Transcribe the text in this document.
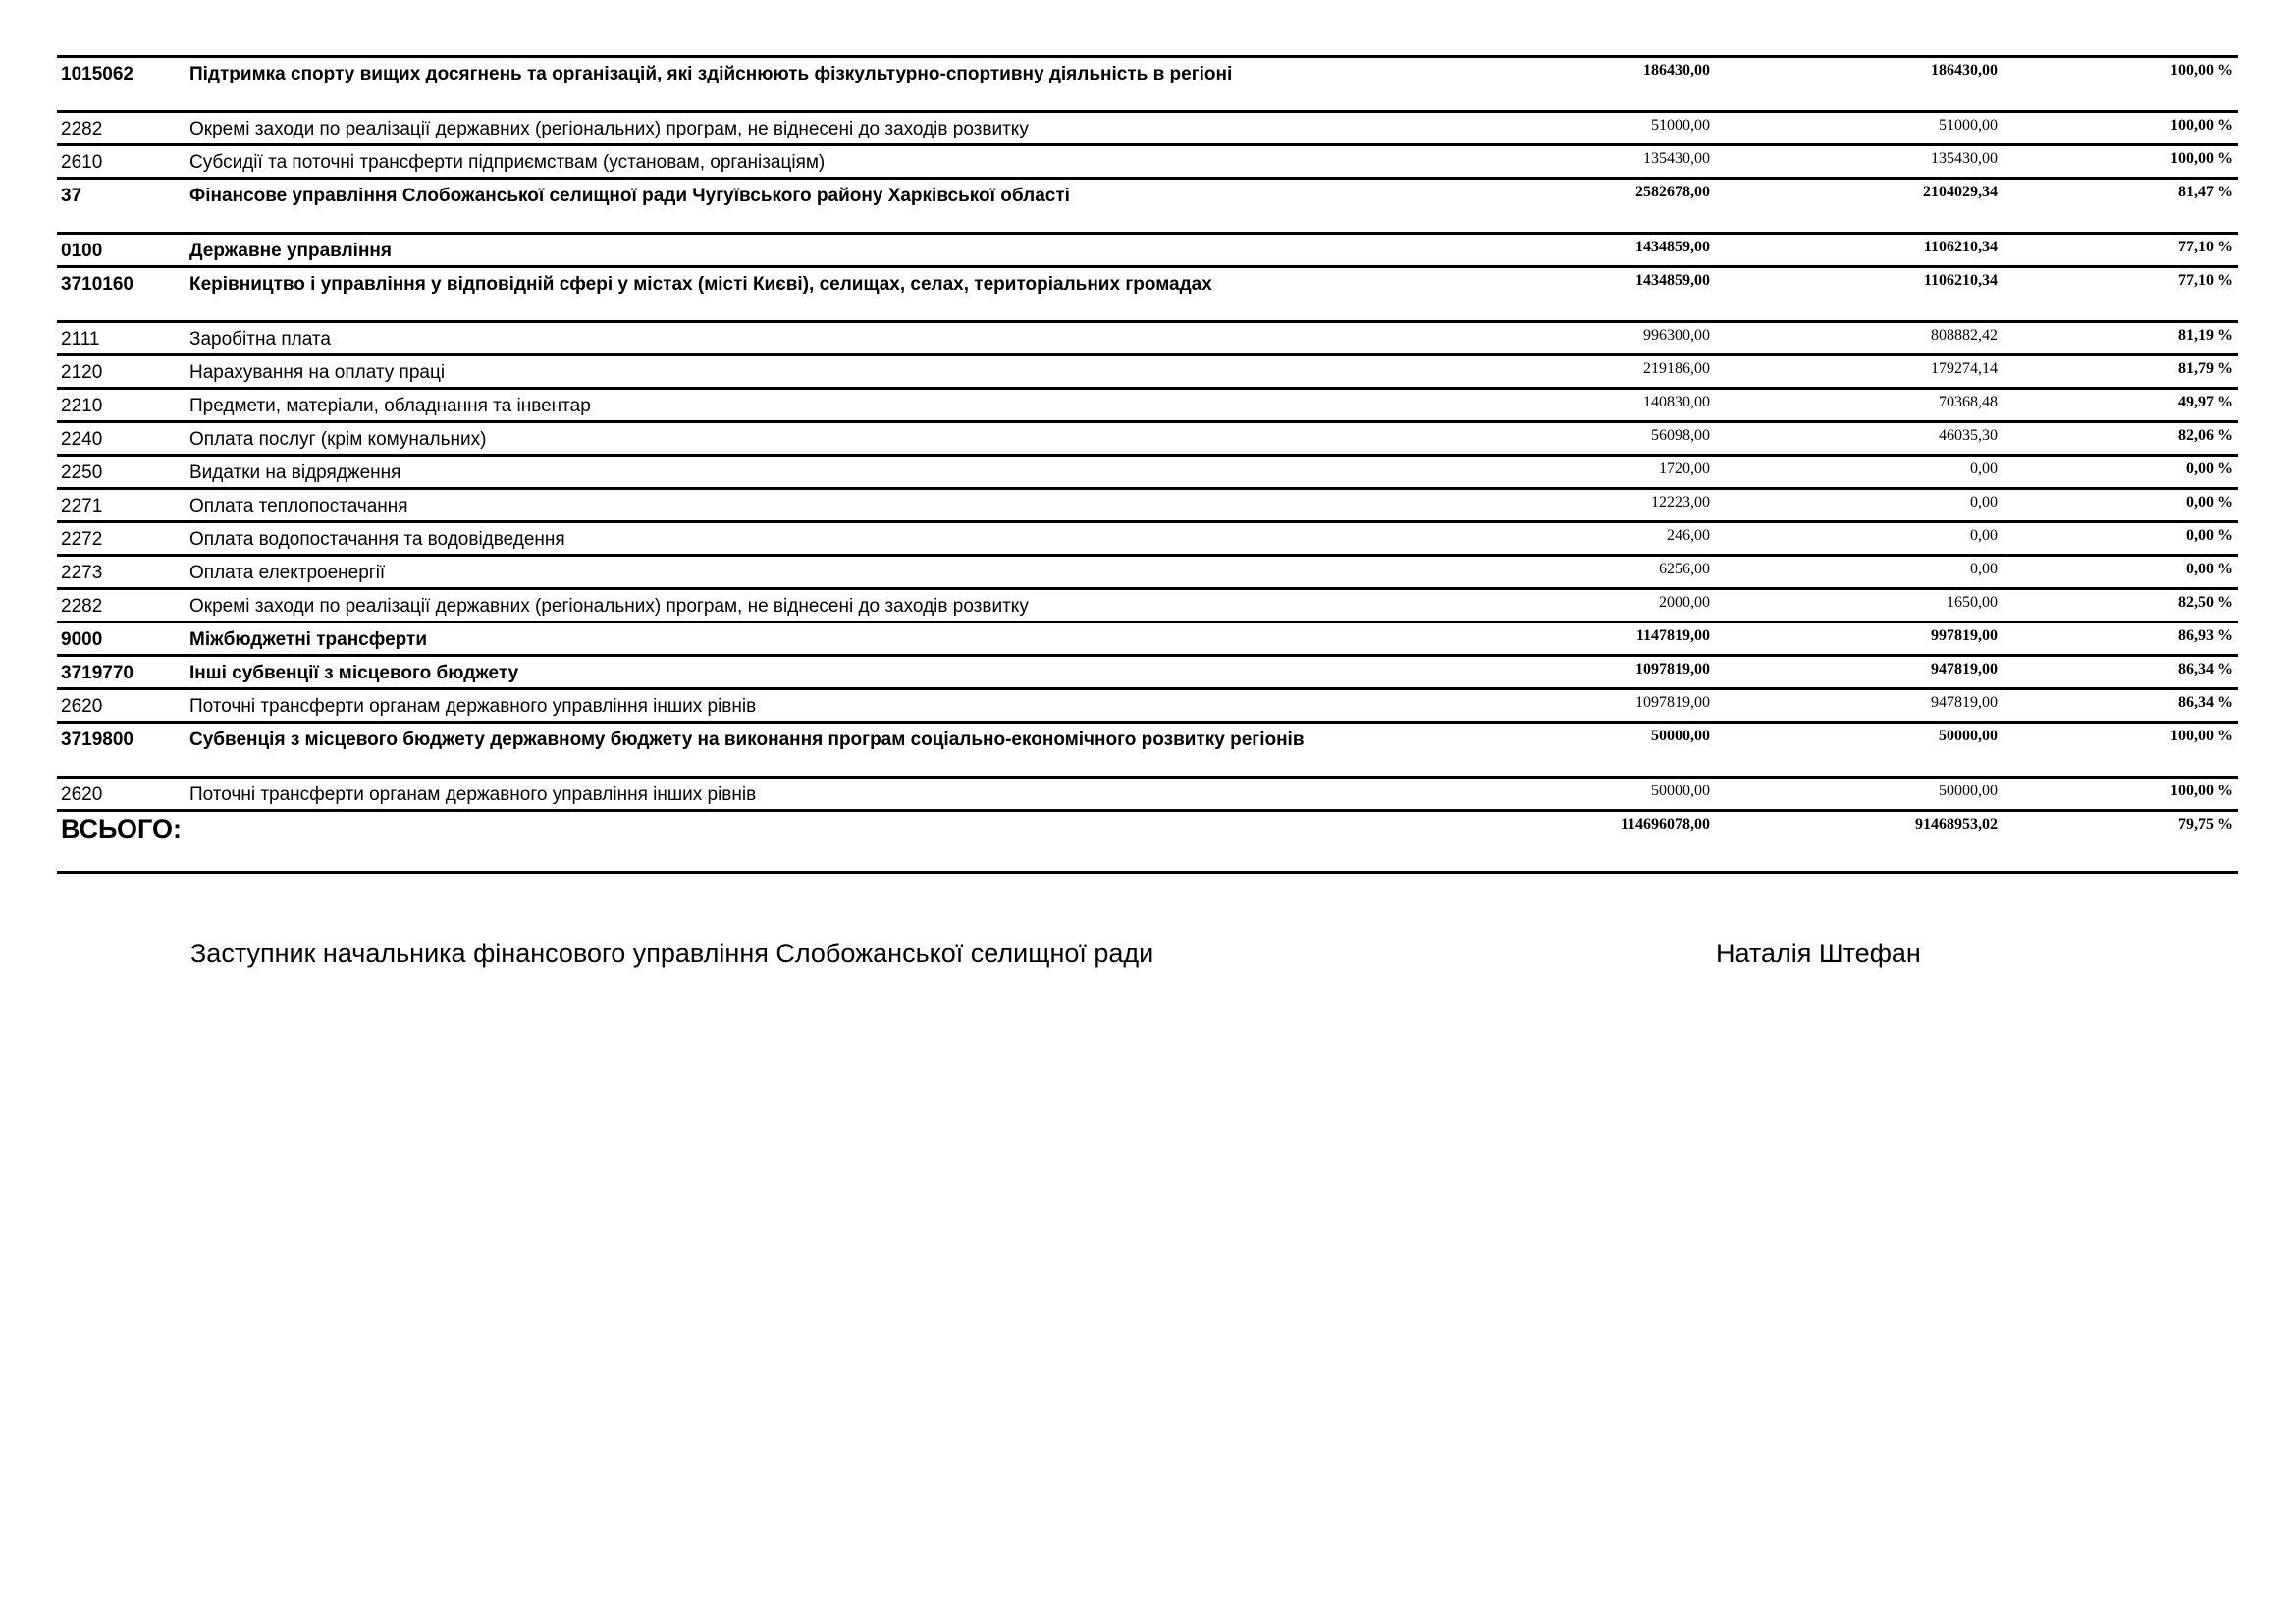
1015062	Підтримка спорту вищих досягнень та організацій, які здійснюють фізкультурно-спортивну діяльність в регіоні	186430,00	186430,00	100,00 %
2282	Окремі заходи по реалізації державних (регіональних) програм, не віднесені до заходів розвитку	51000,00	51000,00	100,00 %
2610	Субсидії та поточні трансферти підприємствам (установам, організаціям)	135430,00	135430,00	100,00 %
37	Фінансове управління Слобожанської селищної ради Чугуївського району Харківської області	2582678,00	2104029,34	81,47 %
0100	Державне управління	1434859,00	1106210,34	77,10 %
3710160	Керівництво і управління у відповідній сфері у містах (місті Києві), селищах, селах, територіальних громадах	1434859,00	1106210,34	77,10 %
2111	Заробітна плата	996300,00	808882,42	81,19 %
2120	Нарахування на оплату праці	219186,00	179274,14	81,79 %
2210	Предмети, матеріали, обладнання та інвентар	140830,00	70368,48	49,97 %
2240	Оплата послуг (крім комунальних)	56098,00	46035,30	82,06 %
2250	Видатки на відрядження	1720,00	0,00	0,00 %
2271	Оплата теплопостачання	12223,00	0,00	0,00 %
2272	Оплата водопостачання та водовідведення	246,00	0,00	0,00 %
2273	Оплата електроенергії	6256,00	0,00	0,00 %
2282	Окремі заходи по реалізації державних (регіональних) програм, не віднесені до заходів розвитку	2000,00	1650,00	82,50 %
9000	Міжбюджетні трансферти	1147819,00	997819,00	86,93 %
3719770	Інші субвенції з місцевого бюджету	1097819,00	947819,00	86,34 %
2620	Поточні трансферти органам державного управління інших рівнів	1097819,00	947819,00	86,34 %
3719800	Субвенція з місцевого бюджету державному бюджету на виконання програм соціально-економічного розвитку регіонів	50000,00	50000,00	100,00 %
2620	Поточні трансферти органам державного управління інших рівнів	50000,00	50000,00	100,00 %
ВСЬОГО:	114696078,00	91468953,02	79,75 %
Заступник начальника фінансового управління Слобожанської селищної ради	Наталія Штефан
